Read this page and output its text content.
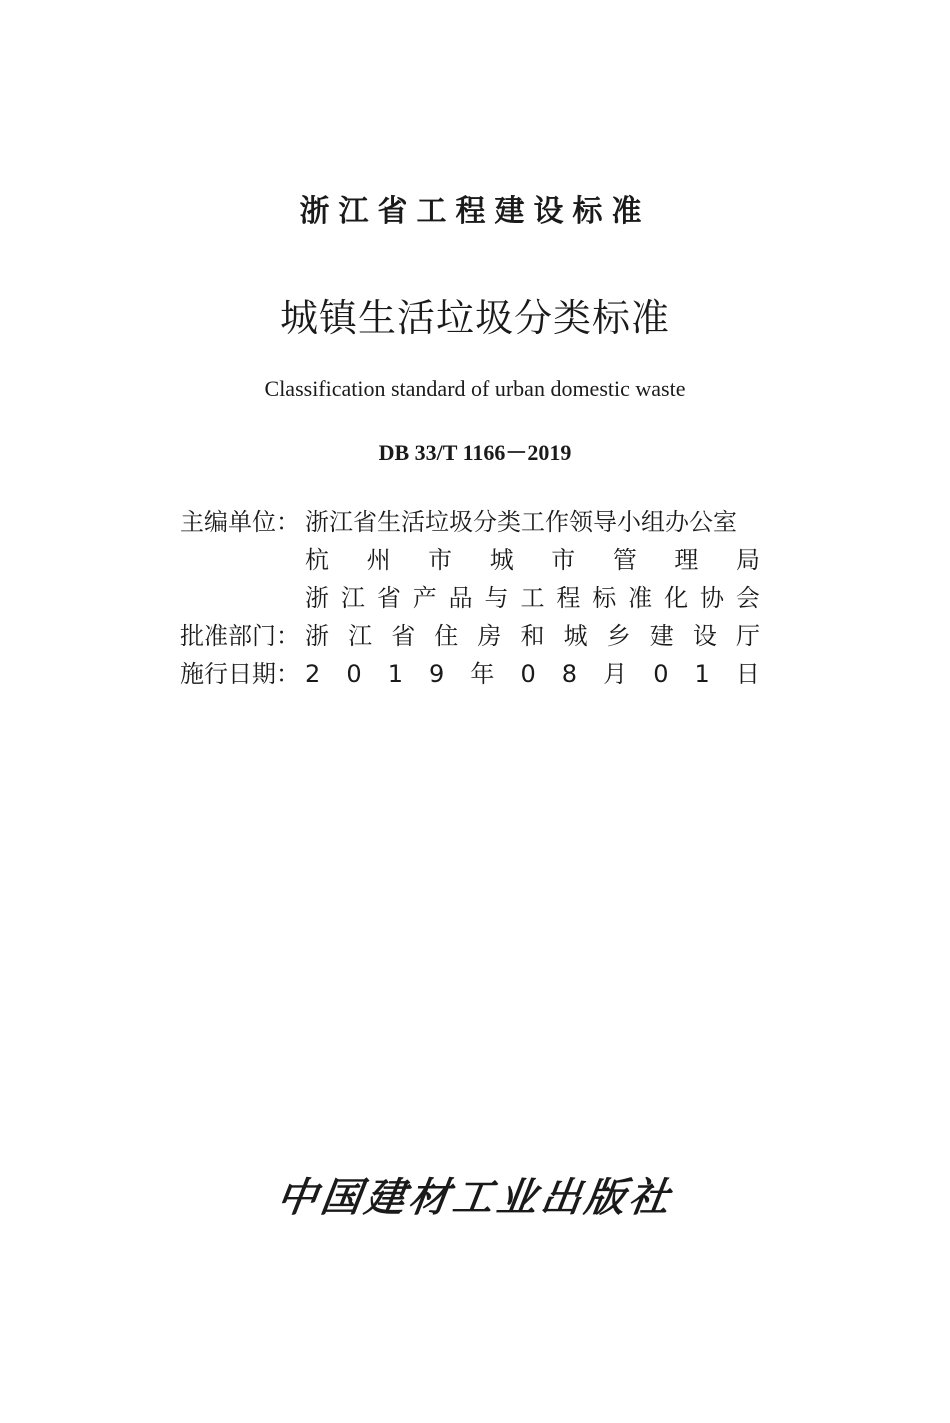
浙江省工程建设标准
城镇生活垃圾分类标准
Classification standard of urban domestic waste
DB 33/T 1166－2019
主编单位： 浙江省生活垃圾分类工作领导小组办公室
杭 州 市 城 市 管 理 局
浙 江 省 产 品 与 工 程 标 准 化 协 会
批准部门： 浙 江 省 住 房 和 城 乡 建 设 厅
施行日期： 2 0 1 9 年 0 8 月 0 1 日
中国建材工业出版社
